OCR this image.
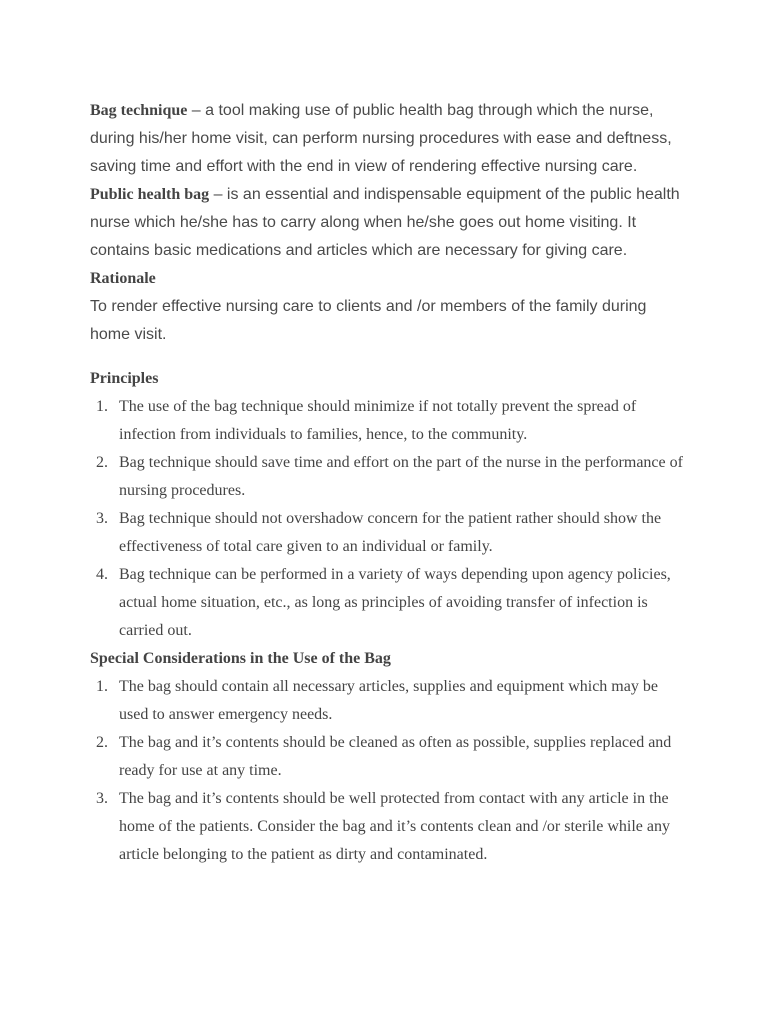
Bag technique – a tool making use of public health bag through which the nurse, during his/her home visit, can perform nursing procedures with ease and deftness, saving time and effort with the end in view of rendering effective nursing care.

Public health bag – is an essential and indispensable equipment of the public health nurse which he/she has to carry along when he/she goes out home visiting. It contains basic medications and articles which are necessary for giving care.

Rationale

To render effective nursing care to clients and /or members of the family during home visit.

Principles

1. The use of the bag technique should minimize if not totally prevent the spread of infection from individuals to families, hence, to the community.
2. Bag technique should save time and effort on the part of the nurse in the performance of nursing procedures.
3. Bag technique should not overshadow concern for the patient rather should show the effectiveness of total care given to an individual or family.
4. Bag technique can be performed in a variety of ways depending upon agency policies, actual home situation, etc., as long as principles of avoiding transfer of infection is carried out.

Special Considerations in the Use of the Bag

1. The bag should contain all necessary articles, supplies and equipment which may be used to answer emergency needs.
2. The bag and it’s contents should be cleaned as often as possible, supplies replaced and ready for use at any time.
3. The bag and it’s contents should be well protected from contact with any article in the home of the patients. Consider the bag and it’s contents clean and /or sterile while any article belonging to the patient as dirty and contaminated.
